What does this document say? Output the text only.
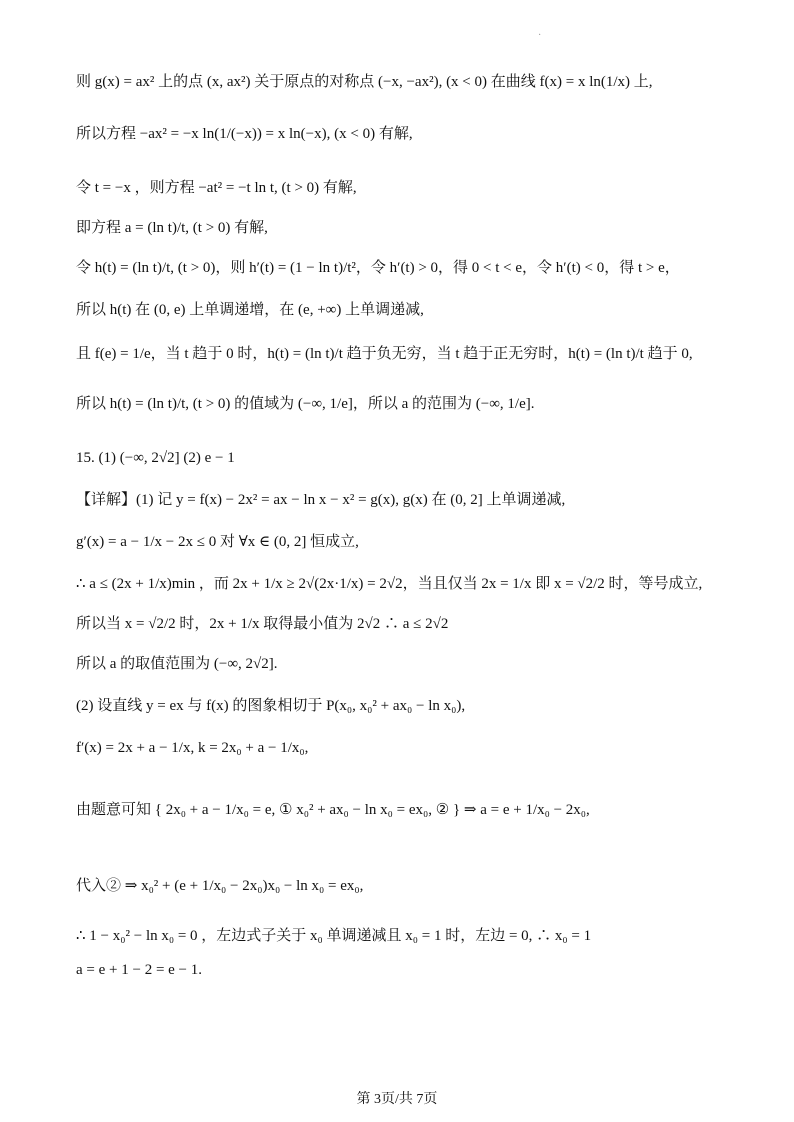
·
则 g(x) = ax² 上的点 (x, ax²) 关于原点的对称点 (−x, −ax²), (x < 0) 在曲线 f(x) = x ln(1/x) 上,
所以方程 −ax² = −x ln(1/(−x)) = x ln(−x), (x < 0) 有解,
令 t = −x ，则方程 −at² = −t ln t, (t > 0) 有解,
即方程 a = (ln t)/t, (t > 0) 有解,
令 h(t) = (ln t)/t, (t > 0)，则 h′(t) = (1 − ln t)/t²，令 h′(t) > 0，得 0 < t < e，令 h′(t) < 0，得 t > e，
所以 h(t) 在 (0, e) 上单调递增，在 (e, +∞) 上单调递减,
且 f(e) = 1/e，当 t 趋于 0 时，h(t) = (ln t)/t 趋于负无穷，当 t 趋于正无穷时，h(t) = (ln t)/t 趋于 0,
所以 h(t) = (ln t)/t, (t > 0) 的值域为 (−∞, 1/e]，所以 a 的范围为 (−∞, 1/e].
15. (1) (−∞, 2√2] (2) e − 1
【详解】(1) 记 y = f(x) − 2x² = ax − ln x − x² = g(x), g(x) 在 (0, 2] 上单调递减,
g′(x) = a − 1/x − 2x ≤ 0 对 ∀x ∈ (0, 2] 恒成立,
∴ a ≤ (2x + 1/x)min ，而 2x + 1/x ≥ 2√(2x·1/x) = 2√2，当且仅当 2x = 1/x 即 x = √2/2 时，等号成立,
所以当 x = √2/2 时，2x + 1/x 取得最小值为 2√2 ∴ a ≤ 2√2
所以 a 的取值范围为 (−∞, 2√2].
(2) 设直线 y = ex 与 f(x) 的图象相切于 P(x₀, x₀² + ax₀ − ln x₀),
f′(x) = 2x + a − 1/x, k = 2x₀ + a − 1/x₀,
由题意可知 { 2x₀ + a − 1/x₀ = e, ① x₀² + ax₀ − ln x₀ = ex₀, ② } ⇒ a = e + 1/x₀ − 2x₀,
代入② ⇒ x₀² + (e + 1/x₀ − 2x₀)x₀ − ln x₀ = ex₀,
∴ 1 − x₀² − ln x₀ = 0 ，左边式子关于 x₀ 单调递减且 x₀ = 1 时，左边 = 0, ∴ x₀ = 1
a = e + 1 − 2 = e − 1.
第 3页/共 7页
